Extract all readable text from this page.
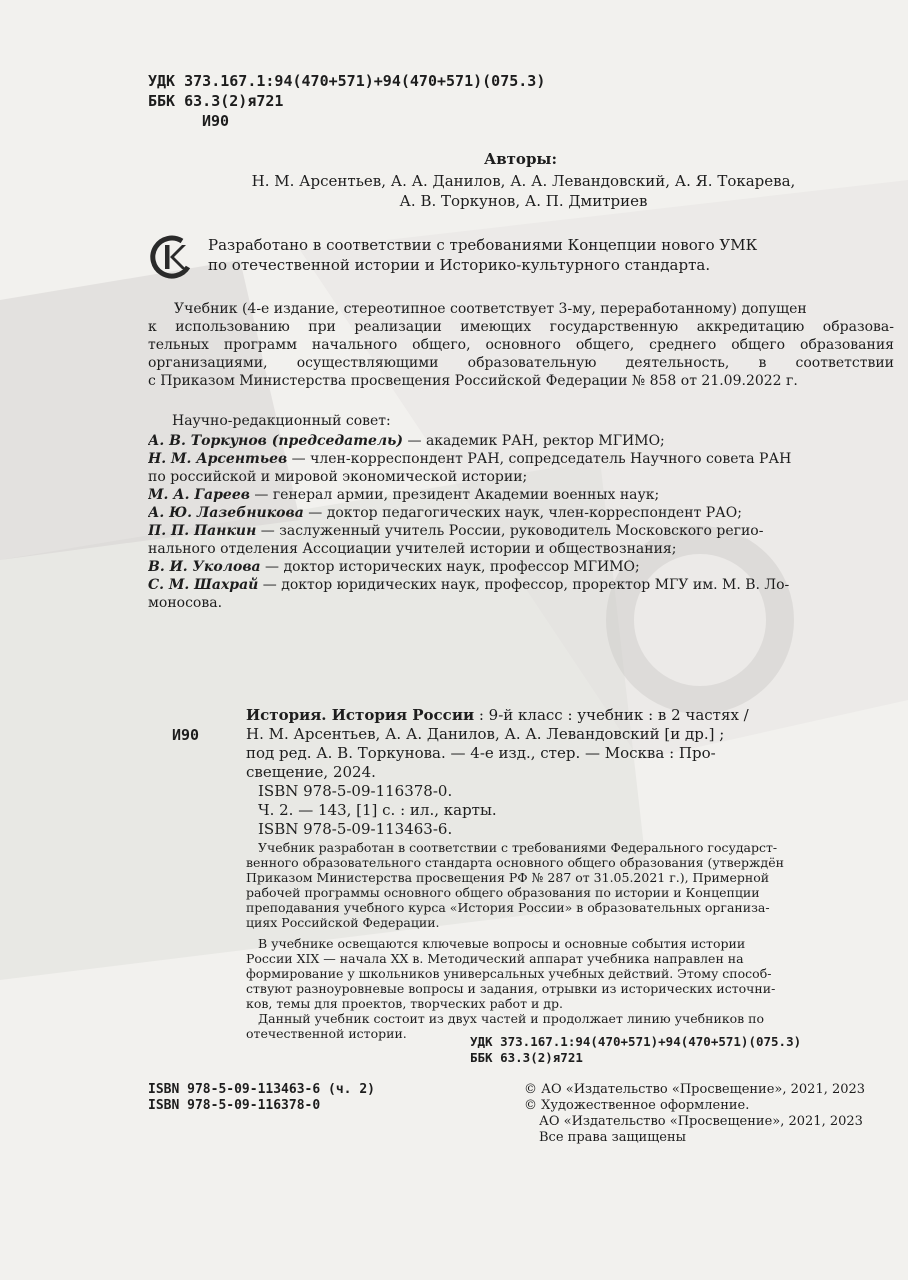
УДК 373.167.1:94(470+571)+94(470+571)(075.3)
ББК 63.3(2)я721
И90
Авторы:
Н. М. Арсентьев, А. А. Данилов, А. А. Левандовский, А. Я. Токарева,
А. В. Торкунов, А. П. Дмитриев
Разработано в соответствии с требованиями Концепции нового УМК
по отечественной истории и Историко-культурного стандарта.
Учебник (4-е издание, стереотипное соответствует 3-му, переработанному) допущен
к использованию при реализации имеющих государственную аккредитацию образова-
тельных программ начального общего, основного общего, среднего общего образования
организациями, осуществляющими образовательную деятельность, в соответствии
с Приказом Министерства просвещения Российской Федерации № 858 от 21.09.2022 г.
Научно-редакционный совет:
А. В. Торкунов (председатель) — академик РАН, ректор МГИМО;
Н. М. Арсентьев — член-корреспондент РАН, сопредседатель Научного совета РАН
по российской и мировой экономической истории;
М. А. Гареев — генерал армии, президент Академии военных наук;
А. Ю. Лазебникова — доктор педагогических наук, член-корреспондент РАО;
П. П. Панкин — заслуженный учитель России, руководитель Московского регио-
нального отделения Ассоциации учителей истории и обществознания;
В. И. Уколова — доктор исторических наук, профессор МГИМО;
С. М. Шахрай — доктор юридических наук, профессор, проректор МГУ им. М. В. Ло-
моносова.
И90
История. История России : 9-й класс : учебник : в 2 частях /
Н. М. Арсентьев, А. А. Данилов, А. А. Левандовский [и др.] ;
под ред. А. В. Торкунова. — 4-е изд., стер. — Москва : Про-
свещение, 2024.
ISBN 978-5-09-116378-0.
Ч. 2. — 143, [1] с. : ил., карты.
ISBN 978-5-09-113463-6.
Учебник разработан в соответствии с требованиями Федерального государст-
венного образовательного стандарта основного общего образования (утверждён
Приказом Министерства просвещения РФ № 287 от 31.05.2021 г.), Примерной
рабочей программы основного общего образования по истории и Концепции
преподавания учебного курса «История России» в образовательных организа-
циях Российской Федерации.
В учебнике освещаются ключевые вопросы и основные события истории
России XIX — начала XX в. Методический аппарат учебника направлен на
формирование у школьников универсальных учебных действий. Этому способ-
ствуют разноуровневые вопросы и задания, отрывки из исторических источни-
ков, темы для проектов, творческих работ и др.
Данный учебник состоит из двух частей и продолжает линию учебников по
отечественной истории.
УДК 373.167.1:94(470+571)+94(470+571)(075.3)
ББК 63.3(2)я721
ISBN 978-5-09-113463-6 (ч. 2)
ISBN 978-5-09-116378-0
© АО «Издательство «Просвещение», 2021, 2023
© Художественное оформление.
АО «Издательство «Просвещение», 2021, 2023
Все права защищены
